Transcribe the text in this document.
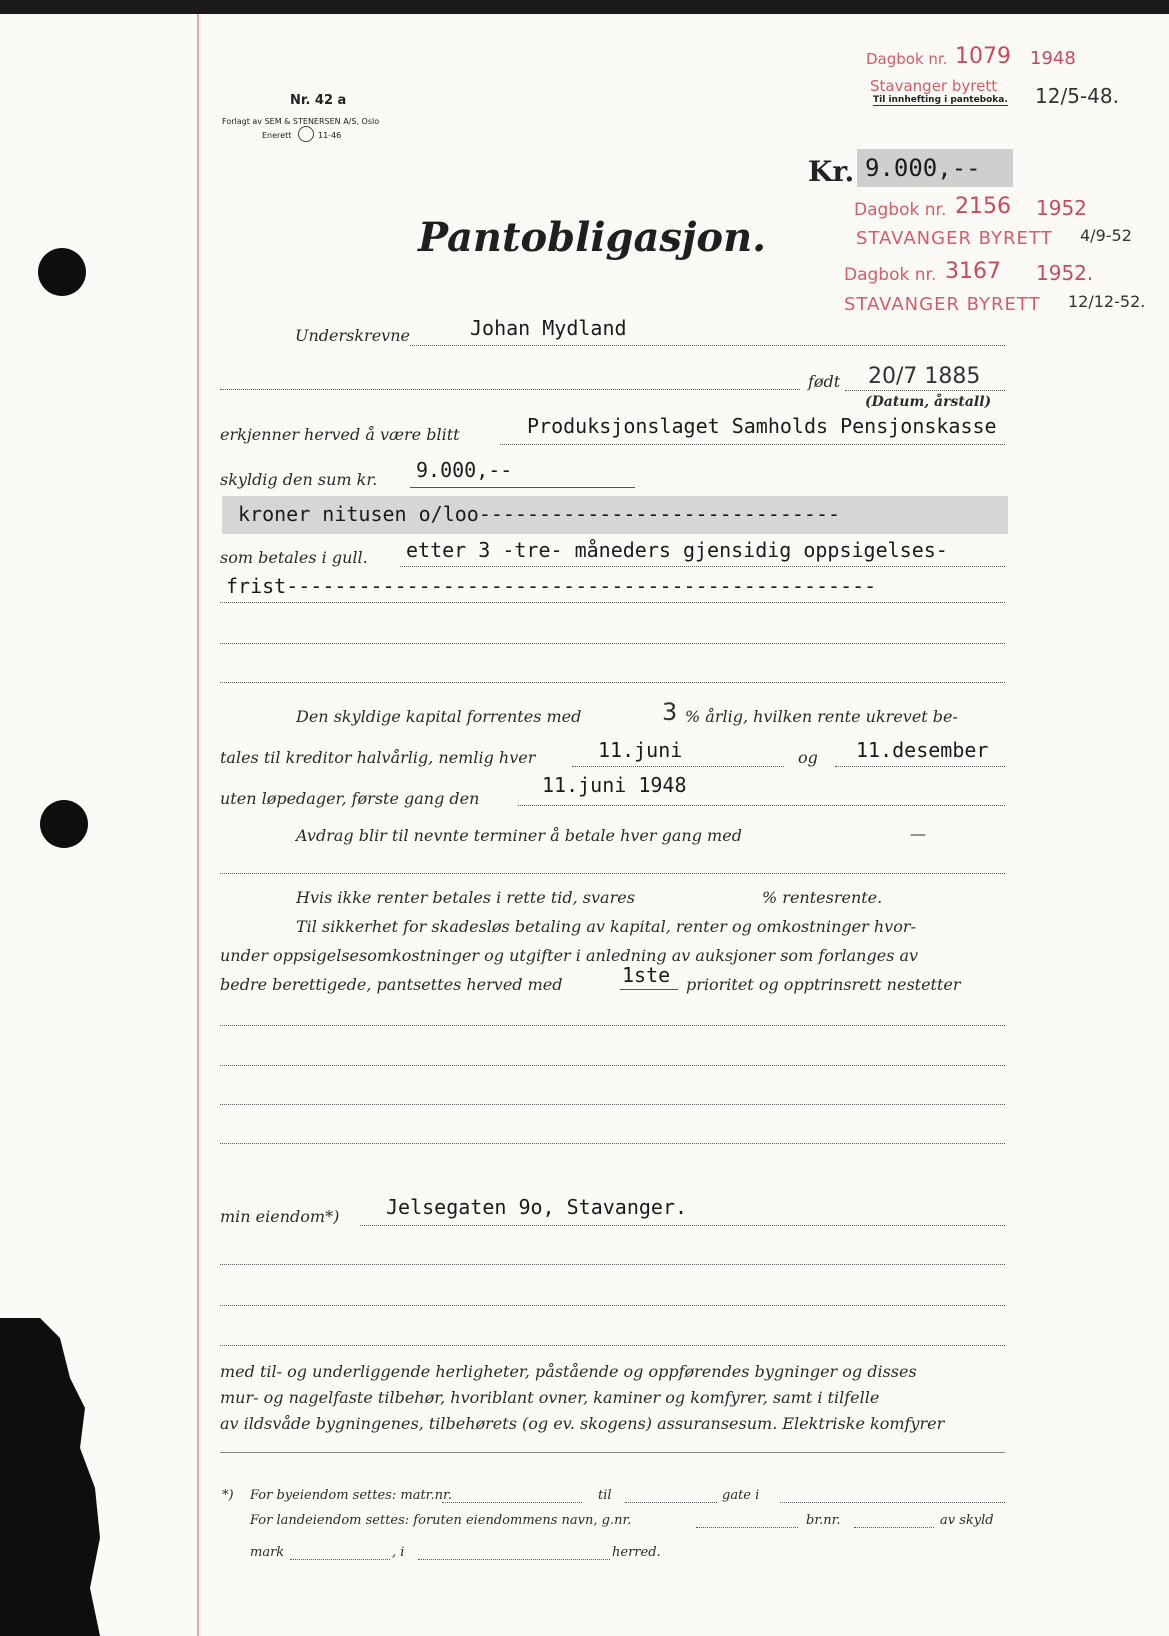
Nr. 42 a
Forlagt av SEM & STENERSEN A/S, Oslo
Enerett	11-46
Dagbok nr. 1079 1948
Stavanger byrett
Til innhefting i panteboka. 12/5-48.
Dagbok nr. 2156 1952
STAVANGER BYRETT 4/9-52
Dagbok nr. 3167 1952.
STAVANGER BYRETT 12/12-52.
Kr. 9.000,--
Pantobligasjon.
Underskrevne	Johan Mydland
født 20/7 1885
(Datum, årstall)
erkjenner herved å være blitt	Produksjonslaget Samholds Pensjonskasse
skyldig den sum kr. 9.000,--
kroner nitusen o/loo------------------------------
som betales i gull. etter 3 -tre- måneders gjensidig oppsigelses-
frist-------------------------------------------------
Den skyldige kapital forrentes med	3 % årlig, hvilken rente ukrevet be-
tales til kreditor halvårlig, nemlig hver	11.juni	og 11.desember
uten løpedager, første gang den
11.juni 1948
Avdrag blir til nevnte terminer å betale hver gang med	—
Hvis ikke renter betales i rette tid, svares	% rentesrente.
Til sikkerhet for skadesløs betaling av kapital, renter og omkostninger hvor-
under oppsigelsesomkostninger og utgifter i anledning av auksjoner som forlanges av
bedre berettigede, pantsettes herved med	1ste prioritet og opptrinsrett nestetter
min eiendom*) Jelsegaten 9o, Stavanger.
med til- og underliggende herligheter, påstående og oppførendes bygninger og disses
mur- og nagelfaste tilbehør, hvoriblant ovner, kaminer og komfyrer, samt i tilfelle
av ildsvåde bygningenes, tilbehørets (og ev. skogens) assuransesum. Elektriske komfyrer
*) For byeiendom settes: matr.nr.	til	gate i
For landeiendom settes: foruten eiendommens navn, g.nr.	br.nr.	av skyld
mark	, i	herred.
